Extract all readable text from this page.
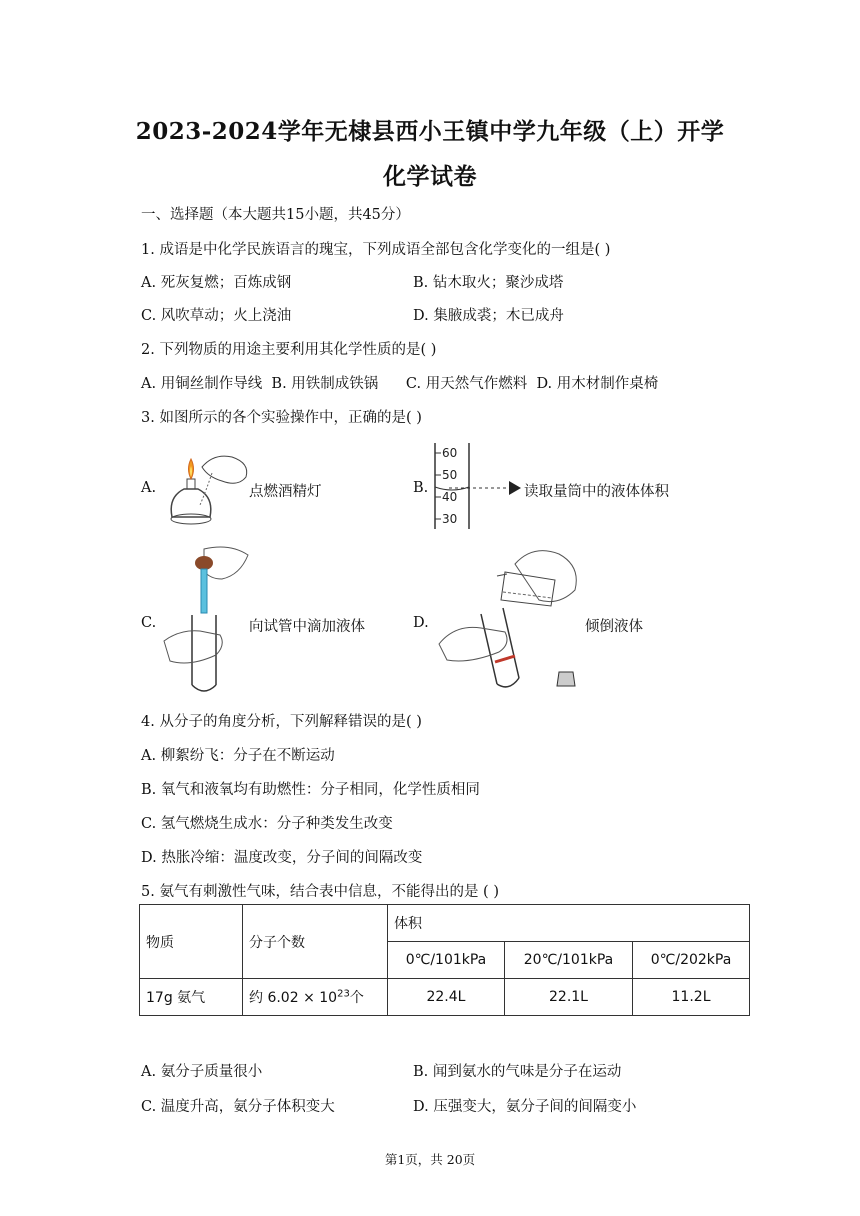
2023-2024学年无棣县西小王镇中学九年级（上）开学
化学试卷
一、选择题（本大题共15小题，共45分）
1. 成语是中化学民族语言的瑰宝，下列成语全部包含化学变化的一组是( )
A. 死灰复燃；百炼成钢	B. 钻木取火；聚沙成塔
C. 风吹草动；火上浇油	D. 集腋成裘；木已成舟
2. 下列物质的用途主要利用其化学性质的是( )
A. 用铜丝制作导线  B. 用铁制成铁锅      C. 用天然气作燃料  D. 用木材制作桌椅
3. 如图所示的各个实验操作中，正确的是( )
A.	点燃酒精灯	B.
60
50
40
30
读取量筒中的液体体积
C.	向试管中滴加液体	D.	倾倒液体
4. 从分子的角度分析，下列解释错误的是( )
A. 柳絮纷飞：分子在不断运动
B. 氧气和液氧均有助燃性：分子相同，化学性质相同
C. 氢气燃烧生成水：分子种类发生改变
D. 热胀冷缩：温度改变，分子间的间隔改变
5. 氨气有刺激性气味，结合表中信息，不能得出的是 ( )
物质	分子个数	体积		
		0℃/101kPa	20℃/101kPa	0℃/202kPa
17g 氨气	约 $6.02 \times 10^{23}$个	22.4L	22.1L	11.2L
A. 氨分子质量很小	B. 闻到氨水的气味是分子在运动
C. 温度升高，氨分子体积变大	D. 压强变大，氨分子间的间隔变小
第1页，共 20页
